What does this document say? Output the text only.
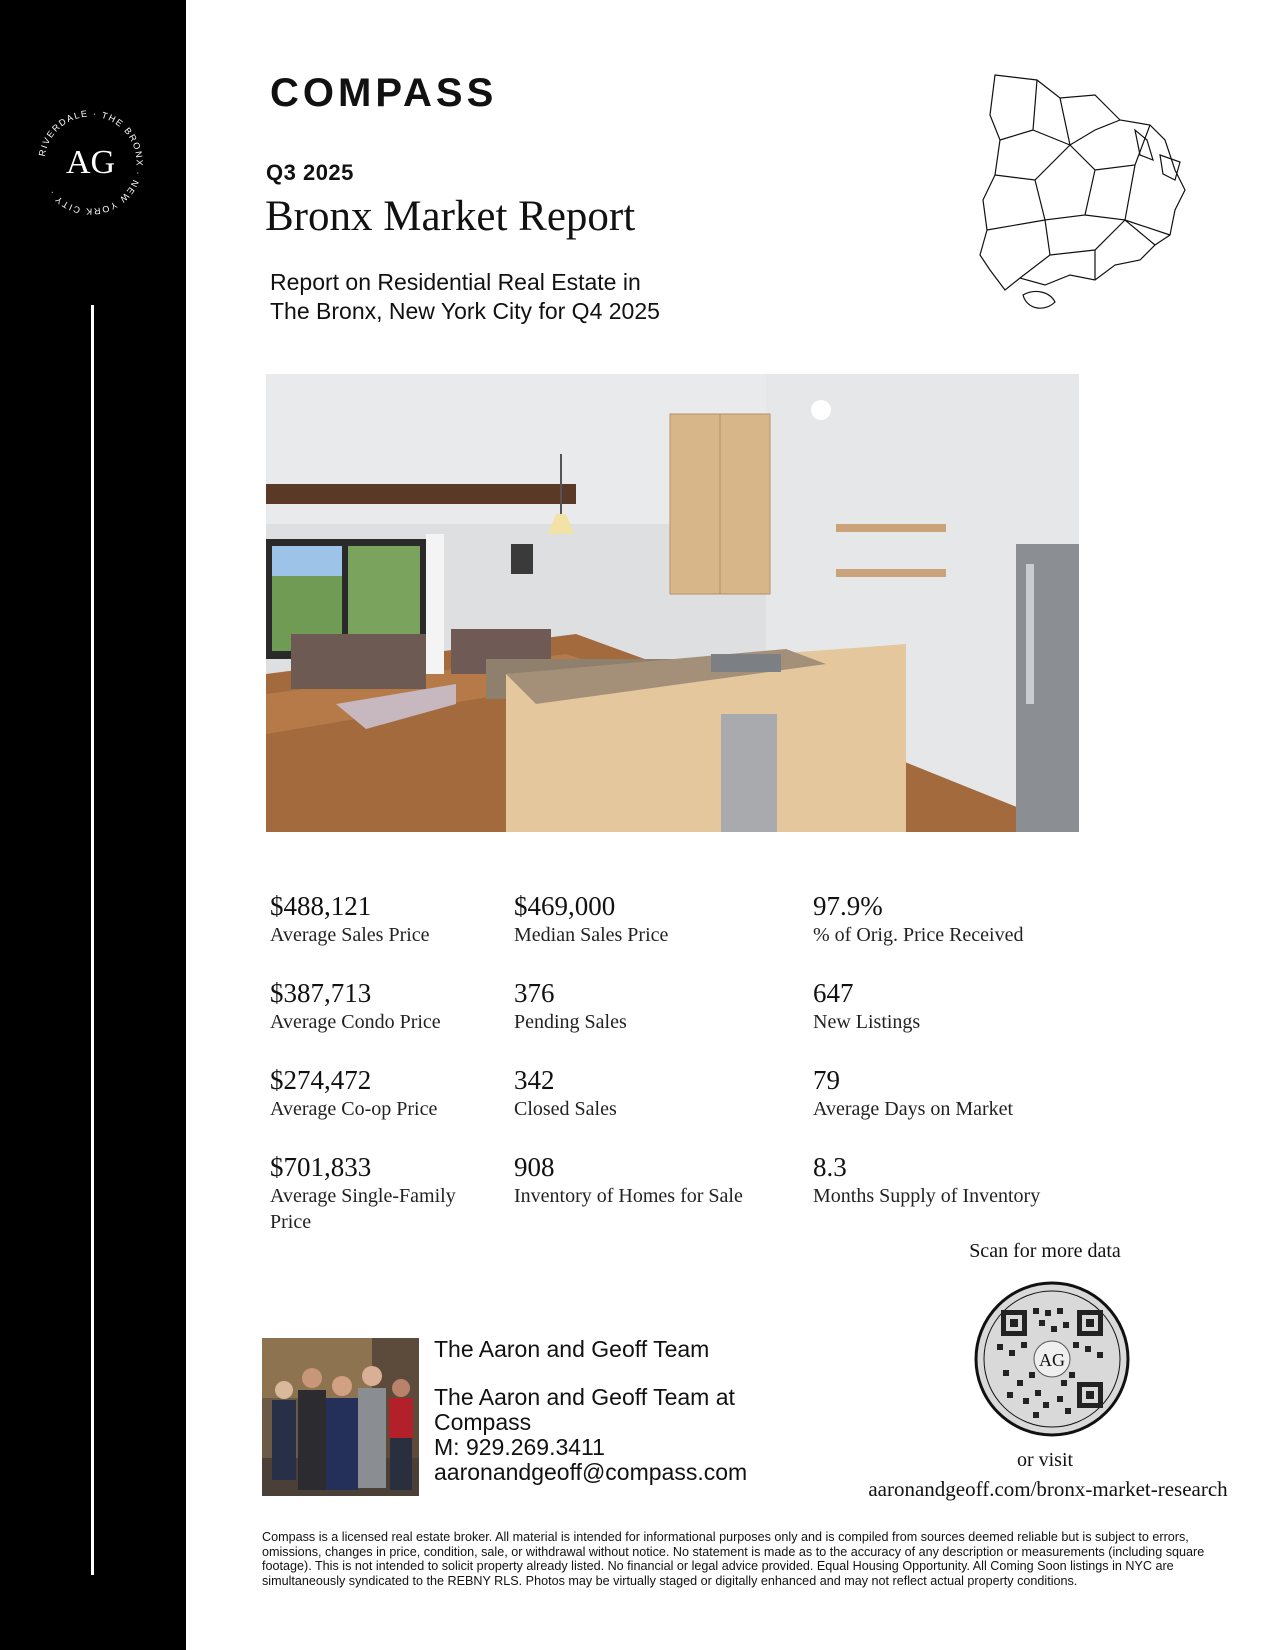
RIVERDALE · THE BRONX · NEW YORK CITY ·
AG
COMPASS
Q3 2025
Bronx Market Report
Report on Residential Real Estate in
The Bronx, New York City for Q4 2025
$488,121
Average Sales Price
$469,000
Median Sales Price
97.9%
% of Orig. Price Received
$387,713
Average Condo Price
376
Pending Sales
647
New Listings
$274,472
Average Co-op Price
342
Closed Sales
79
Average Days on Market
$701,833
Average Single-Family Price
908
Inventory of Homes for Sale
8.3
Months Supply of Inventory
Scan for more data
AG
or visit
aaronandgeoff.com/bronx-market-research
The Aaron and Geoff Team
The Aaron and Geoff Team at Compass
M: 929.269.3411
aaronandgeoff@compass.com
Compass is a licensed real estate broker. All material is intended for informational purposes only and is compiled from sources deemed reliable but is subject to errors, omissions, changes in price, condition, sale, or withdrawal without notice. No statement is made as to the accuracy of any description or measurements (including square footage). This is not intended to solicit property already listed. No financial or legal advice provided. Equal Housing Opportunity. All Coming Soon listings in NYC are simultaneously syndicated to the REBNY RLS. Photos may be virtually staged or digitally enhanced and may not reflect actual property conditions.
